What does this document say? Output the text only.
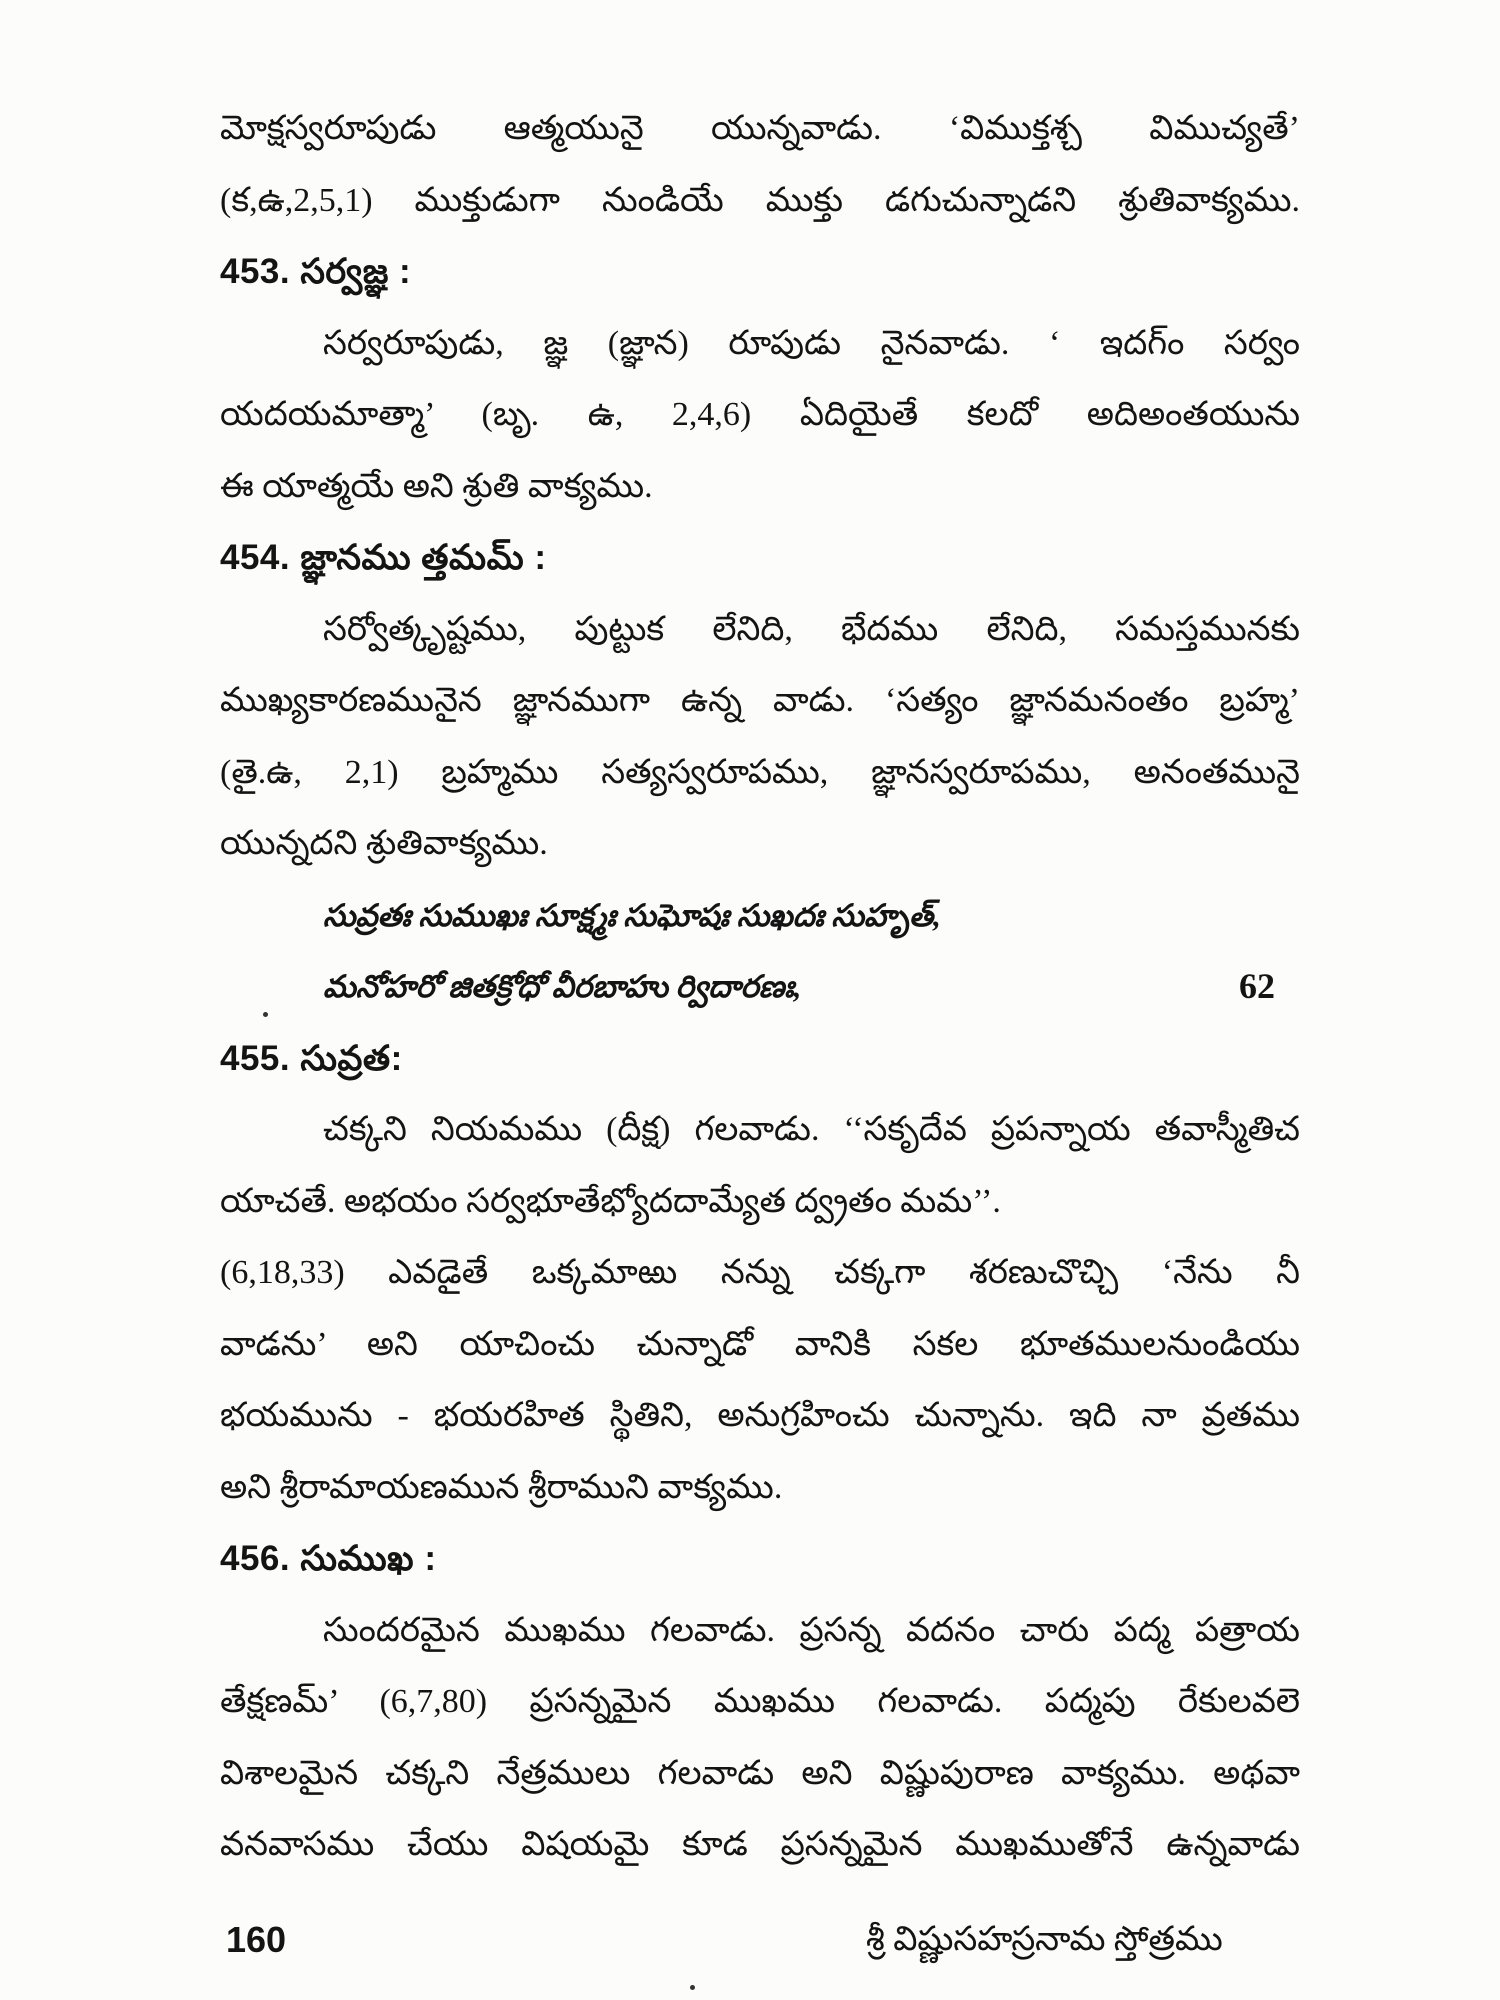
మోక్షస్వరూపుడు ఆత్మయునై యున్నవాడు. ‘విముక్తశ్చ విముచ్యతే’
(క,ఉ,2,5,1) ముక్తుడుగా నుండియే ముక్తు డగుచున్నాడని శ్రుతివాక్యము.
453. సర్వజ్ఞ :
సర్వరూపుడు, జ్ఞ (జ్ఞాన) రూపుడు నైనవాడు. ‘ ఇదగ్ం సర్వం
యదయమాత్మా’ (బృ. ఉ, 2,4,6) ఏదియైతే కలదో అదిఅంతయును
ఈ యాత్మయే అని శ్రుతి వాక్యము.
454. జ్ఞానము త్తమమ్ :
సర్వోత్కృష్టము, పుట్టుక లేనిది, భేదము లేనిది, సమస్తమునకు
ముఖ్యకారణమునైన జ్ఞానముగా ఉన్న వాడు. ‘సత్యం జ్ఞానమనంతం బ్రహ్మ’
(తై.ఉ, 2,1) బ్రహ్మము సత్యస్వరూపము, జ్ఞానస్వరూపము, అనంతమునై
యున్నదని శ్రుతివాక్యము.
సువ్రతః సుముఖః సూక్ష్మః సుఘోషః సుఖదః సుహృత్,
మనోహరో జితక్రోధో వీరబాహు ర్విదారణః,	62
455. సువ్రత:
చక్కని నియమము (దీక్ష) గలవాడు. ‘‘సకృదేవ ప్రపన్నాయ తవాస్మీతిచ
యాచతే. అభయం సర్వభూతేభ్యోదదామ్యేత ద్వ్రతం మమ’’.
(6,18,33) ఎవడైతే ఒక్కమాఱు నన్ను చక్కగా శరణుచొచ్చి ‘నేను నీ
వాడను’ అని యాచించు చున్నాడో వానికి సకల భూతములనుండియు
భయమును - భయరహిత స్థితిని, అనుగ్రహించు చున్నాను. ఇది నా వ్రతము
అని శ్రీరామాయణమున శ్రీరాముని వాక్యము.
456. సుముఖ :
సుందరమైన ముఖము గలవాడు. ప్రసన్న వదనం చారు పద్మ పత్రాయ
తేక్షణమ్’ (6,7,80) ప్రసన్నమైన ముఖము గలవాడు. పద్మపు రేకులవలె
విశాలమైన చక్కని నేత్రములు గలవాడు అని విష్ణుపురాణ వాక్యము. అథవా
వనవాసము చేయు విషయమై కూడ ప్రసన్నమైన ముఖముతోనే ఉన్నవాడు
160	శ్రీ విష్ణుసహస్రనామ స్తోత్రము
